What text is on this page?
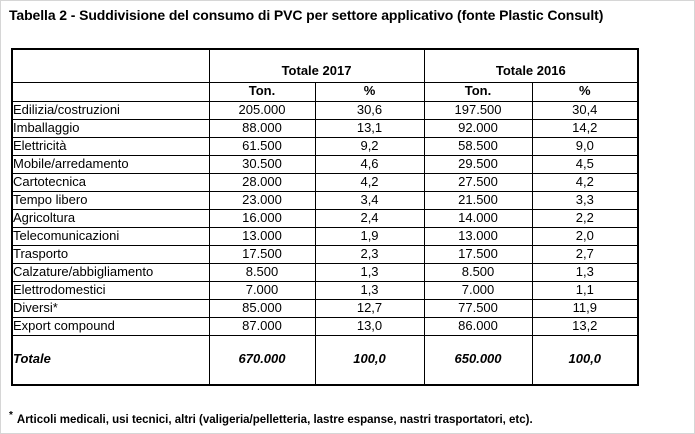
Tabella 2 - Suddivisione del consumo di PVC per settore applicativo (fonte Plastic Consult)
	Totale 2017		Totale 2016	
	Ton.	%	Ton.	%
Edilizia/costruzioni	205.000	30,6	197.500	30,4
Imballaggio	88.000	13,1	92.000	14,2
Elettricità	61.500	9,2	58.500	9,0
Mobile/arredamento	30.500	4,6	29.500	4,5
Cartotecnica	28.000	4,2	27.500	4,2
Tempo libero	23.000	3,4	21.500	3,3
Agricoltura	16.000	2,4	14.000	2,2
Telecomunicazioni	13.000	1,9	13.000	2,0
Trasporto	17.500	2,3	17.500	2,7
Calzature/abbigliamento	8.500	1,3	8.500	1,3
Elettrodomestici	7.000	1,3	7.000	1,1
Diversi*	85.000	12,7	77.500	11,9
Export compound	87.000	13,0	86.000	13,2
Totale	670.000	100,0	650.000	100,0
* Articoli medicali, usi tecnici, altri (valigeria/pelletteria, lastre espanse, nastri trasportatori, etc).
